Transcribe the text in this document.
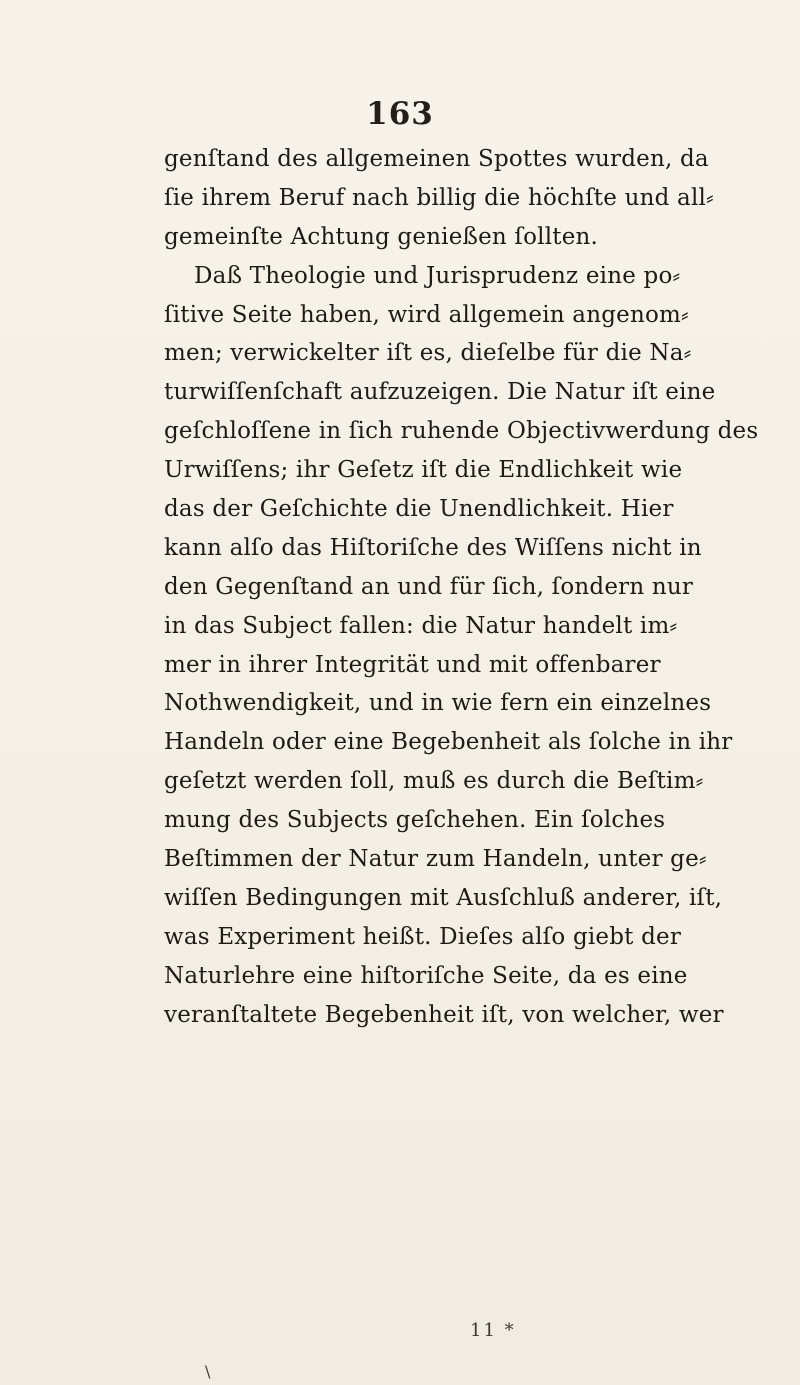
163
genſtand des allgemeinen Spottes wurden, da
ſie ihrem Beruf nach billig die höchſte und all⸗
gemeinſte Achtung genießen ſollten.
Daß Theologie und Jurisprudenz eine po⸗
ſitive Seite haben, wird allgemein angenom⸗
men; verwickelter iſt es, dieſelbe für die Na⸗
turwiſſenſchaft aufzuzeigen. Die Natur iſt eine
geſchloſſene in ſich ruhende Objectivwerdung des
Urwiſſens; ihr Geſetz iſt die Endlichkeit wie
das der Geſchichte die Unendlichkeit. Hier
kann alſo das Hiſtoriſche des Wiſſens nicht in
den Gegenſtand an und für ſich, ſondern nur
in das Subject fallen: die Natur handelt im⸗
mer in ihrer Integrität und mit offenbarer
Nothwendigkeit, und in wie fern ein einzelnes
Handeln oder eine Begebenheit als ſolche in ihr
geſetzt werden ſoll, muß es durch die Beſtim⸗
mung des Subjects geſchehen. Ein ſolches
Beſtimmen der Natur zum Handeln, unter ge⸗
wiſſen Bedingungen mit Ausſchluß anderer, iſt,
was Experiment heißt. Dieſes alſo giebt der
Naturlehre eine hiſtoriſche Seite, da es eine
veranſtaltete Begebenheit iſt, von welcher, wer
11 *
\
